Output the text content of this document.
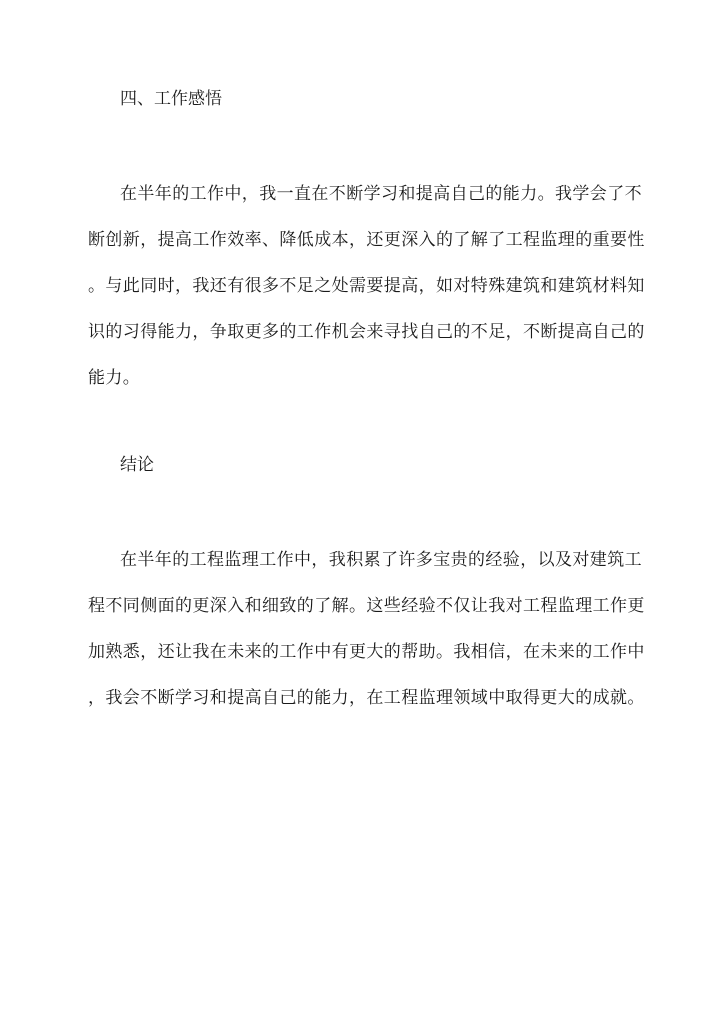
四、工作感悟
在半年的工作中，我一直在不断学习和提高自己的能力。我学会了不
断创新，提高工作效率、降低成本，还更深入的了解了工程监理的重要性
。与此同时，我还有很多不足之处需要提高，如对特殊建筑和建筑材料知
识的习得能力，争取更多的工作机会来寻找自己的不足，不断提高自己的
能力。
结论
在半年的工程监理工作中，我积累了许多宝贵的经验，以及对建筑工
程不同侧面的更深入和细致的了解。这些经验不仅让我对工程监理工作更
加熟悉，还让我在未来的工作中有更大的帮助。我相信，在未来的工作中
，我会不断学习和提高自己的能力，在工程监理领域中取得更大的成就。
